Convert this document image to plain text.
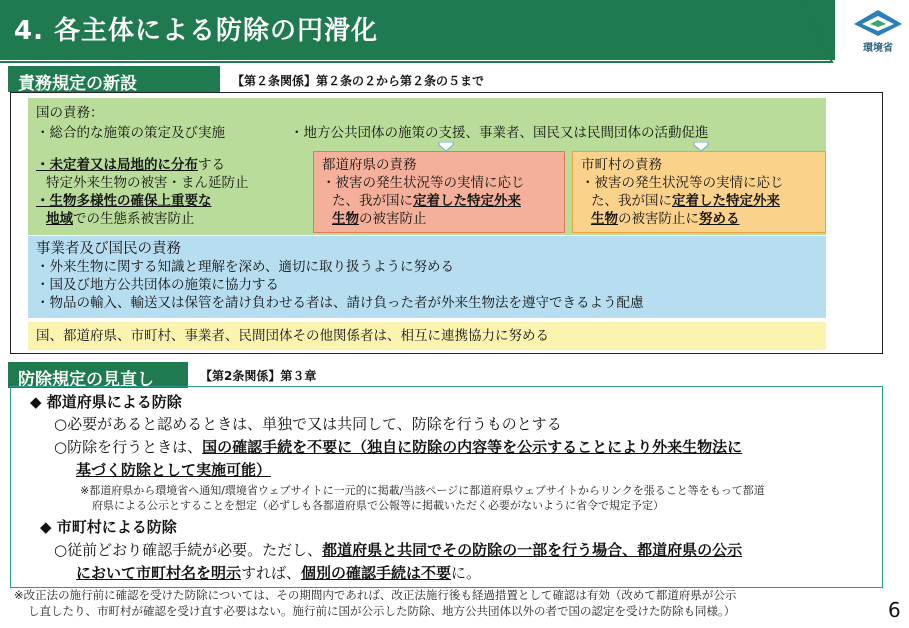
4. 各主体による防除の円滑化
環境省
責務規定の新設	【第２条関係】第２条の２から第２条の５まで
国の責務：
・総合的な施策の策定及び実施	・地方公共団体の施策の支援、事業者、国民又は民間団体の活動促進
・未定着又は局地的に分布する
特定外来生物の被害・まん延防止
・生物多様性の確保上重要な
地域での生態系被害防止
都道府県の責務
・被害の発生状況等の実情に応じ
た、我が国に定着した特定外来
生物の被害防止
市町村の責務
・被害の発生状況等の実情に応じ
た、我が国に定着した特定外来
生物の被害防止に努める
事業者及び国民の責務
・外来生物に関する知識と理解を深め、適切に取り扱うように努める
・国及び地方公共団体の施策に協力する
・物品の輸入、輸送又は保管を請け負わせる者は、請け負った者が外来生物法を遵守できるよう配慮
国、都道府県、市町村、事業者、民間団体その他関係者は、相互に連携協力に努める
防除規定の見直し	【第2条関係】第３章
◆ 都道府県による防除
○必要があると認めるときは、単独で又は共同して、防除を行うものとする
○防除を行うときは、国の確認手続を不要に（独自に防除の内容等を公示することにより外来生物法に
基づく防除として実施可能）
※都道府県から環境省へ通知/環境省ウェブサイトに一元的に掲載/当該ページに都道府県ウェブサイトからリンクを張ること等をもって都道
府県による公示とすることを想定（必ずしも各都道府県で公報等に掲載いただく必要がないように省令で規定予定）
◆ 市町村による防除
○従前どおり確認手続が必要。ただし、都道府県と共同でその防除の一部を行う場合、都道府県の公示
において市町村名を明示すれば、個別の確認手続は不要に。
※改正法の施行前に確認を受けた防除については、その期間内であれば、改正法施行後も経過措置として確認は有効（改めて都道府県が公示
し直したり、市町村が確認を受け直す必要はない。施行前に国が公示した防除、地方公共団体以外の者で国の認定を受けた防除も同様。）	6
